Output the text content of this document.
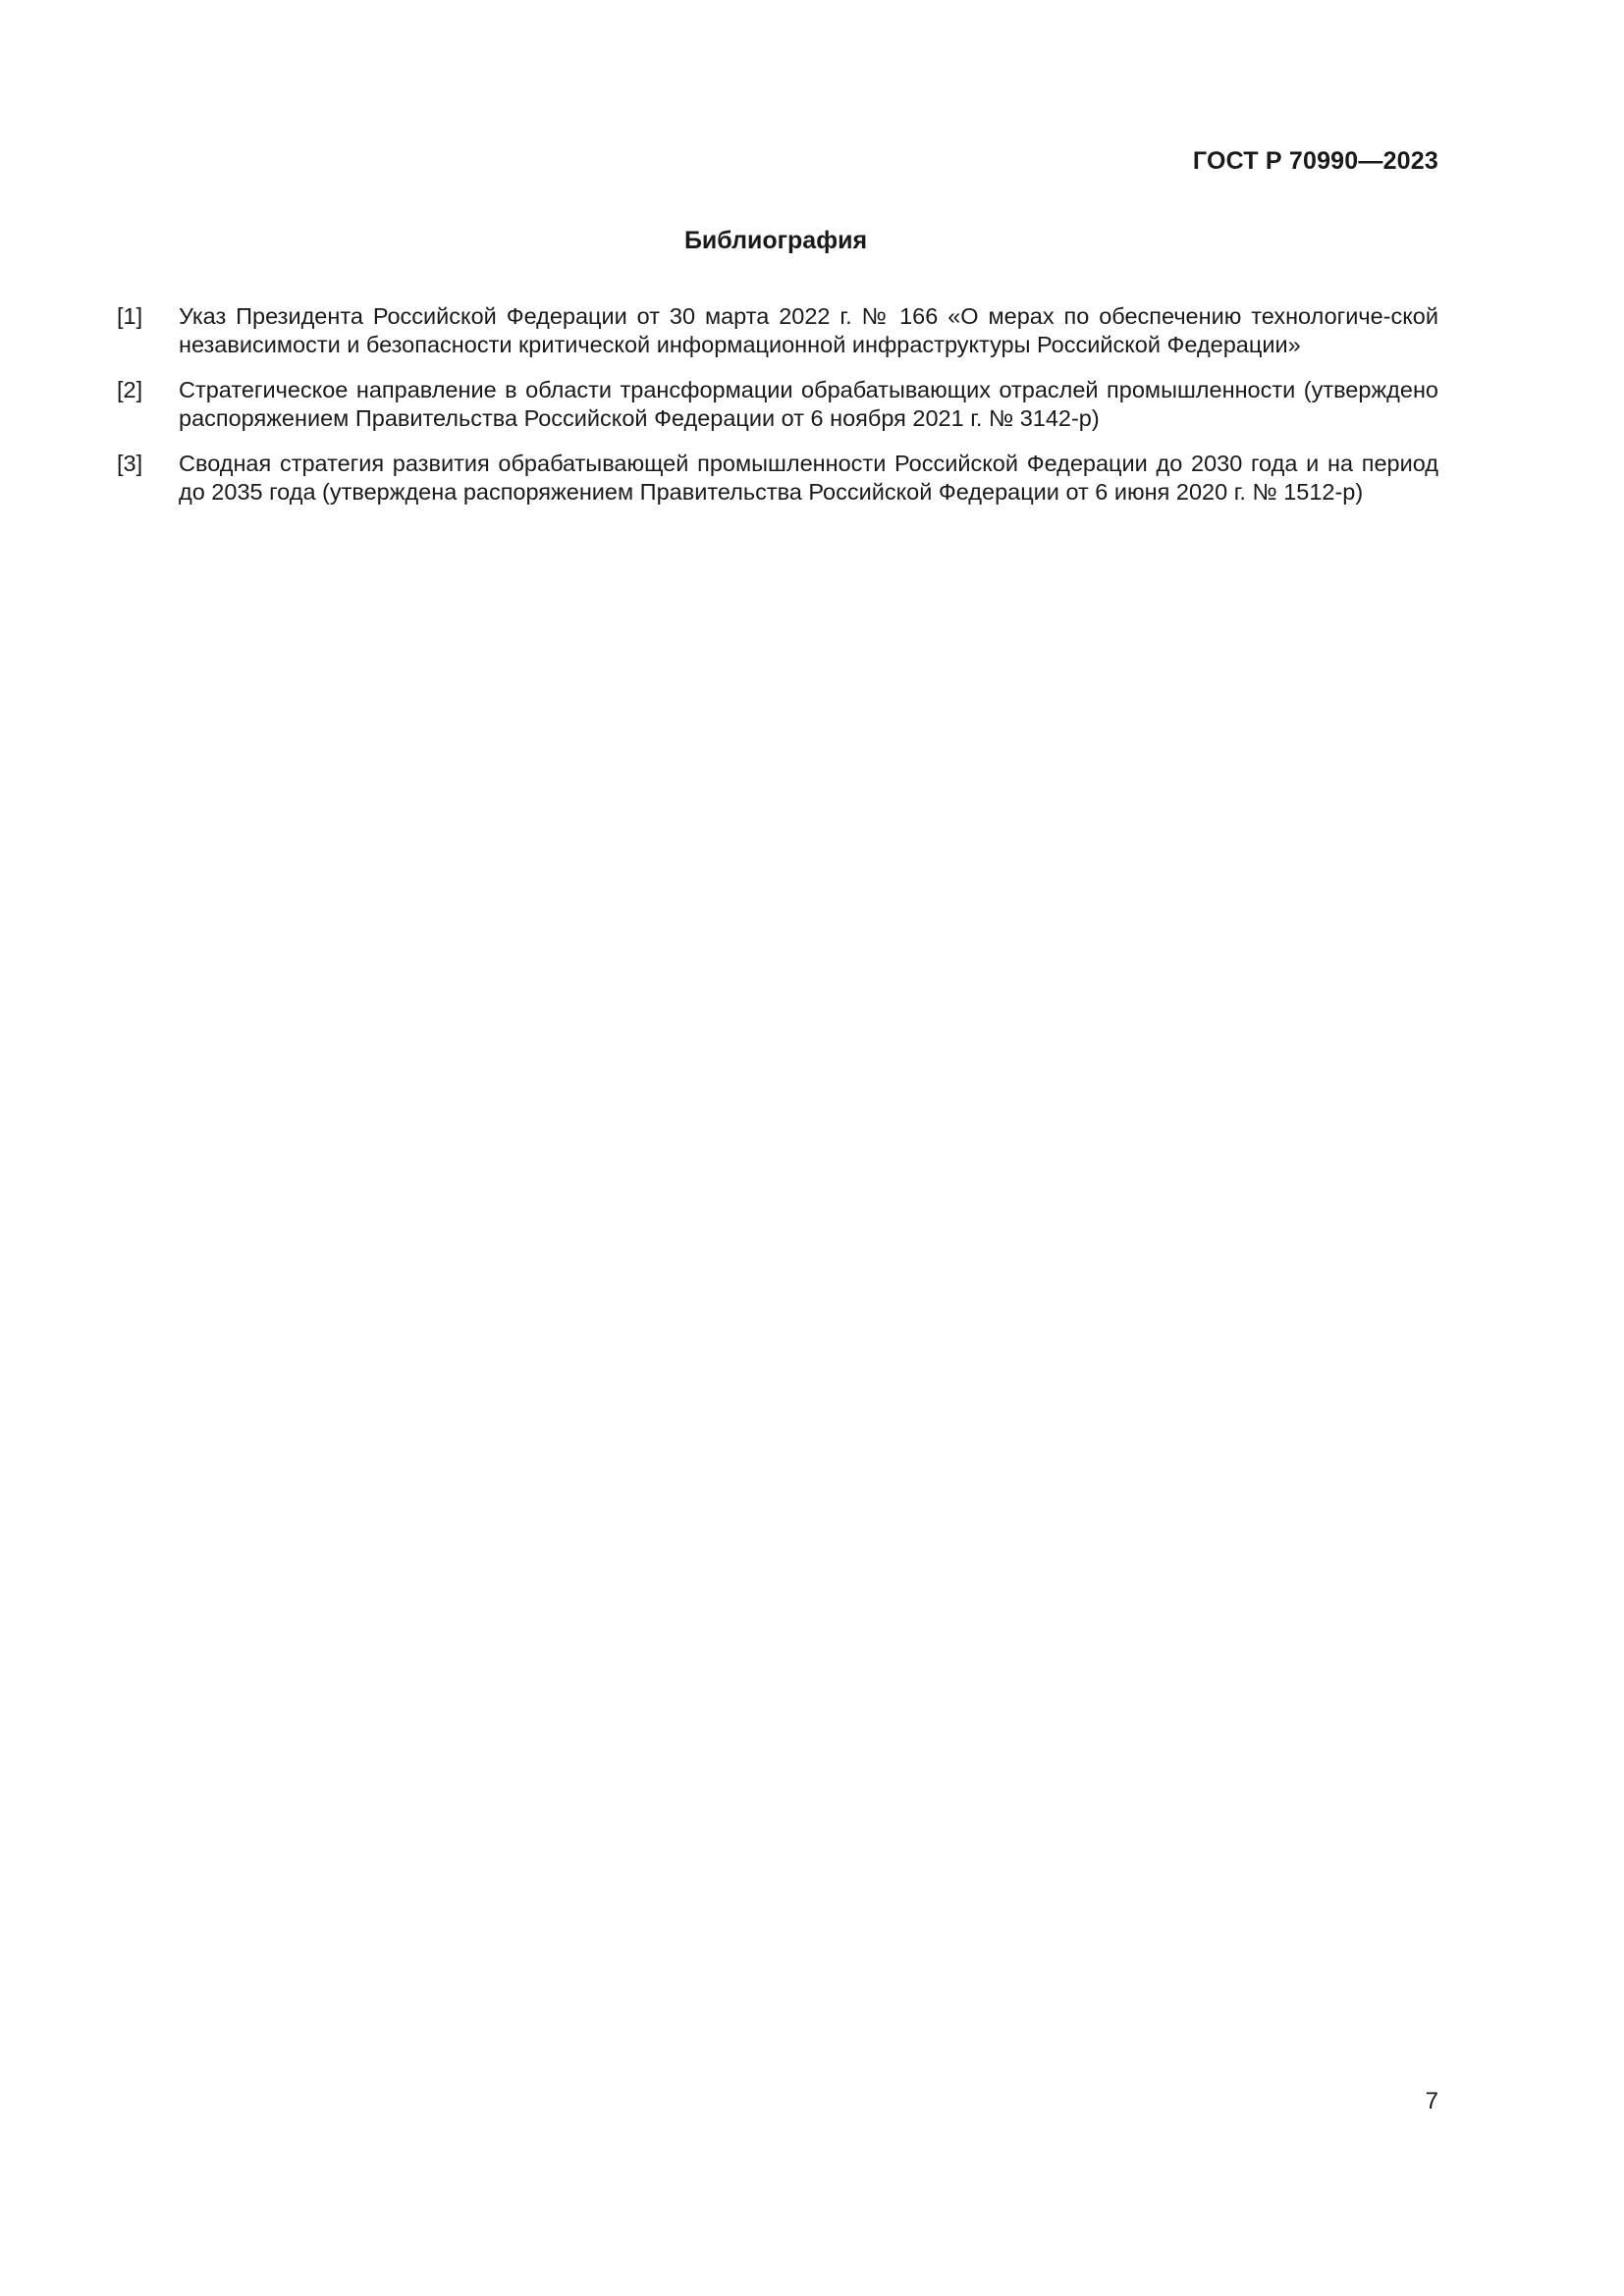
ГОСТ Р 70990—2023
Библиография
[1]	Указ Президента Российской Федерации от 30 марта 2022 г. № 166 «О мерах по обеспечению технологиче-ской независимости и безопасности критической информационной инфраструктуры Российской Федерации»
[2]	Стратегическое направление в области трансформации обрабатывающих отраслей промышленности (утверждено распоряжением Правительства Российской Федерации от 6 ноября 2021 г. № 3142-р)
[3]	Сводная стратегия развития обрабатывающей промышленности Российской Федерации до 2030 года и на период до 2035 года (утверждена распоряжением Правительства Российской Федерации от 6 июня 2020 г. № 1512-р)
7
